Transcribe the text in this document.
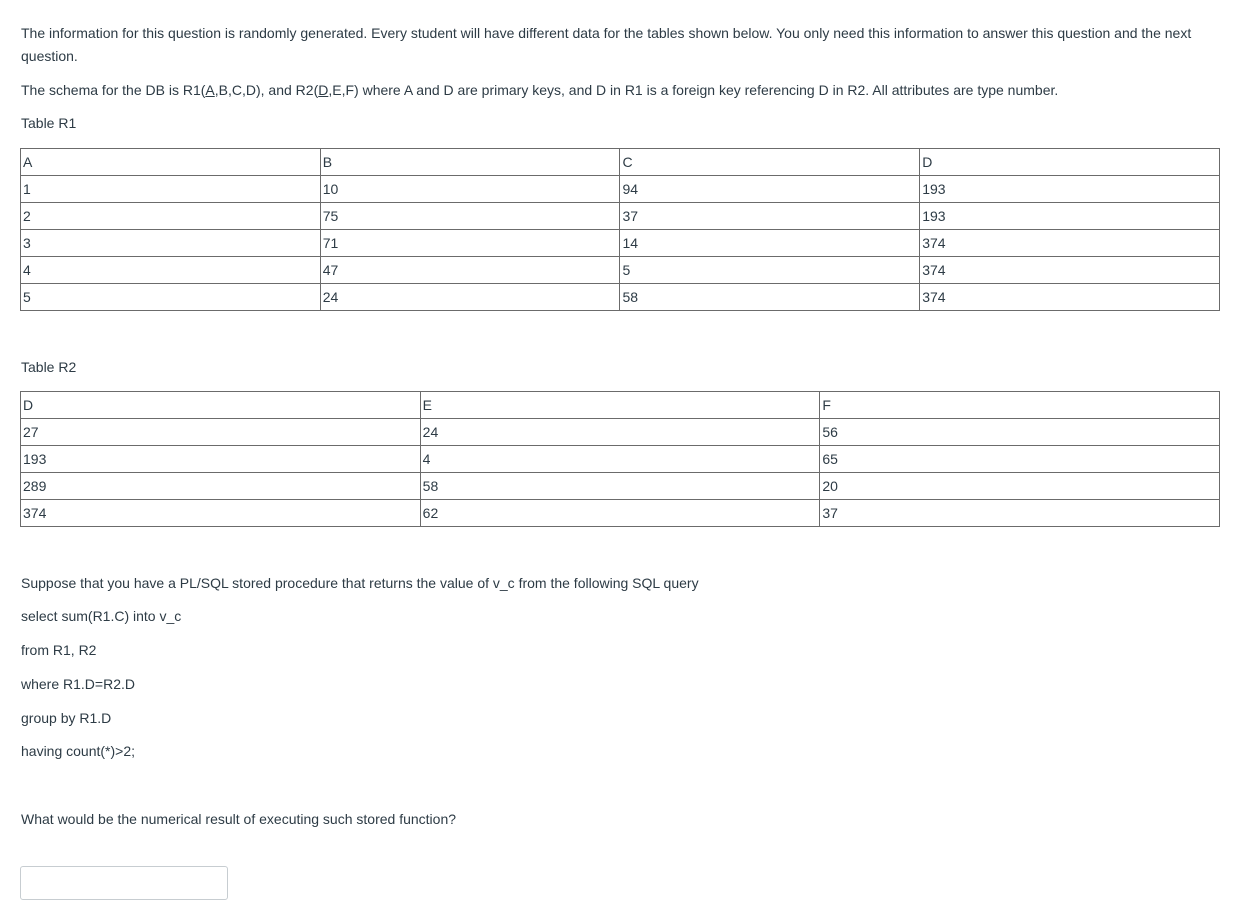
The information for this question is randomly generated. Every student will have different data for the tables shown below. You only need this information to answer this question and the next question.

The schema for the DB is R1(A,B,C,D), and R2(D,E,F) where A and D are primary keys, and D in R1 is a foreign key referencing D in R2. All attributes are type number.

Table R1
A	B	C	D
1	10	94	193
2	75	37	193
3	71	14	374
4	47	5	374
5	24	58	374
Table R2
D	E	F
27	24	56
193	4	65
289	58	20
374	62	37
Suppose that you have a PL/SQL stored procedure that returns the value of v_c from the following SQL query
select sum(R1.C) into v_c
from R1, R2
where R1.D=R2.D
group by R1.D
having count(*)>2;
What would be the numerical result of executing such stored function?
